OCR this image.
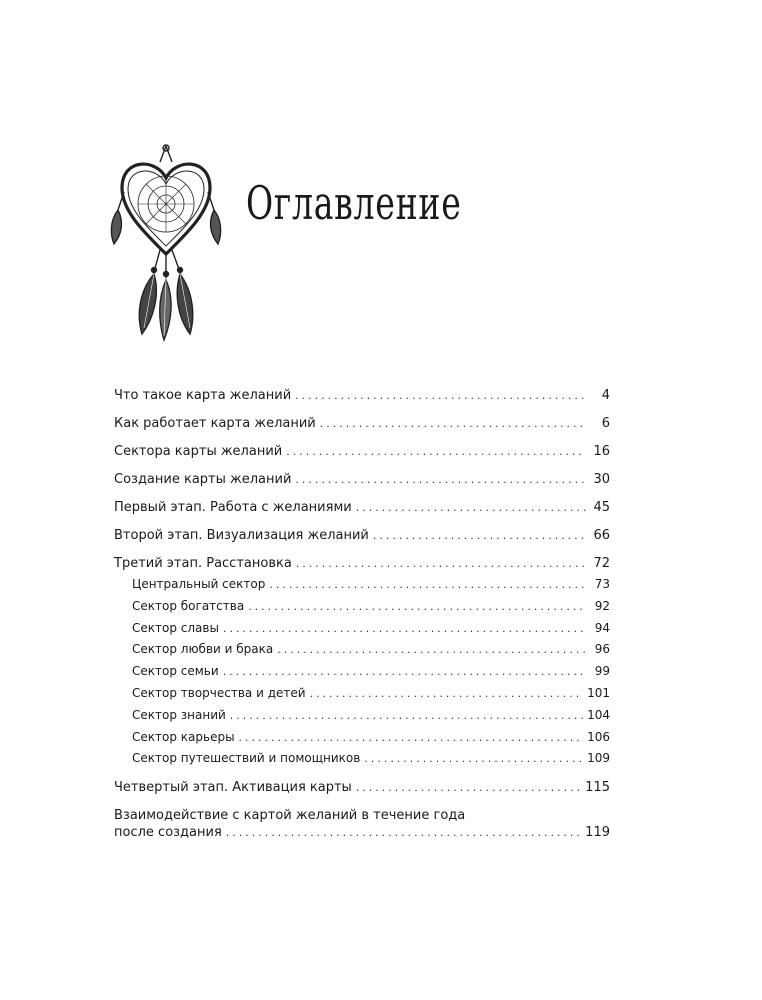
Оглавление
Что такое карта желаний . . .	4
Как работает карта желаний . . .	6
Сектора карты желаний . . .	16
Создание карты желаний . . .	30
Первый этап. Работа с желаниями . . .	45
Второй этап. Визуализация желаний . . .	66
Третий этап. Расстановка . . .	72
Центральный сектор . . .	73
Сектор богатства . . .	92
Сектор славы . . .	94
Сектор любви и брака . . .	96
Сектор семьи . . .	99
Сектор творчества и детей . . .	101
Сектор знаний . . .	104
Сектор карьеры . . .	106
Сектор путешествий и помощников . . .	109
Четвертый этап. Активация карты . . .	115
Взаимодействие с картой желаний в течение года
после создания . . .	119
